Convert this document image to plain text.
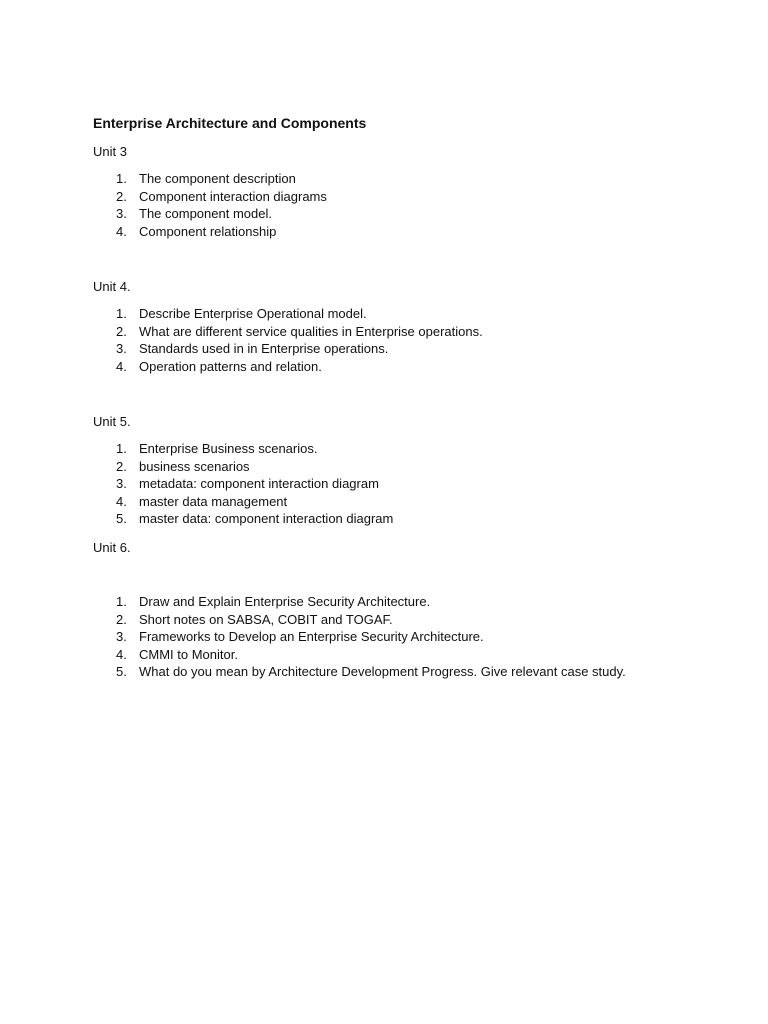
Enterprise Architecture and Components
Unit 3
1. The component description
2. Component interaction diagrams
3. The component model.
4. Component relationship
Unit 4.
1. Describe Enterprise Operational model.
2. What are different service qualities in Enterprise operations.
3. Standards used in in Enterprise operations.
4. Operation patterns and relation.
Unit 5.
1. Enterprise Business scenarios.
2. business scenarios
3. metadata: component interaction diagram
4. master data management
5. master data: component interaction diagram
Unit 6.
1. Draw and Explain Enterprise Security Architecture.
2. Short notes on SABSA, COBIT and TOGAF.
3. Frameworks to Develop an Enterprise Security Architecture.
4. CMMI to Monitor.
5. What do you mean by Architecture Development Progress. Give relevant case study.
